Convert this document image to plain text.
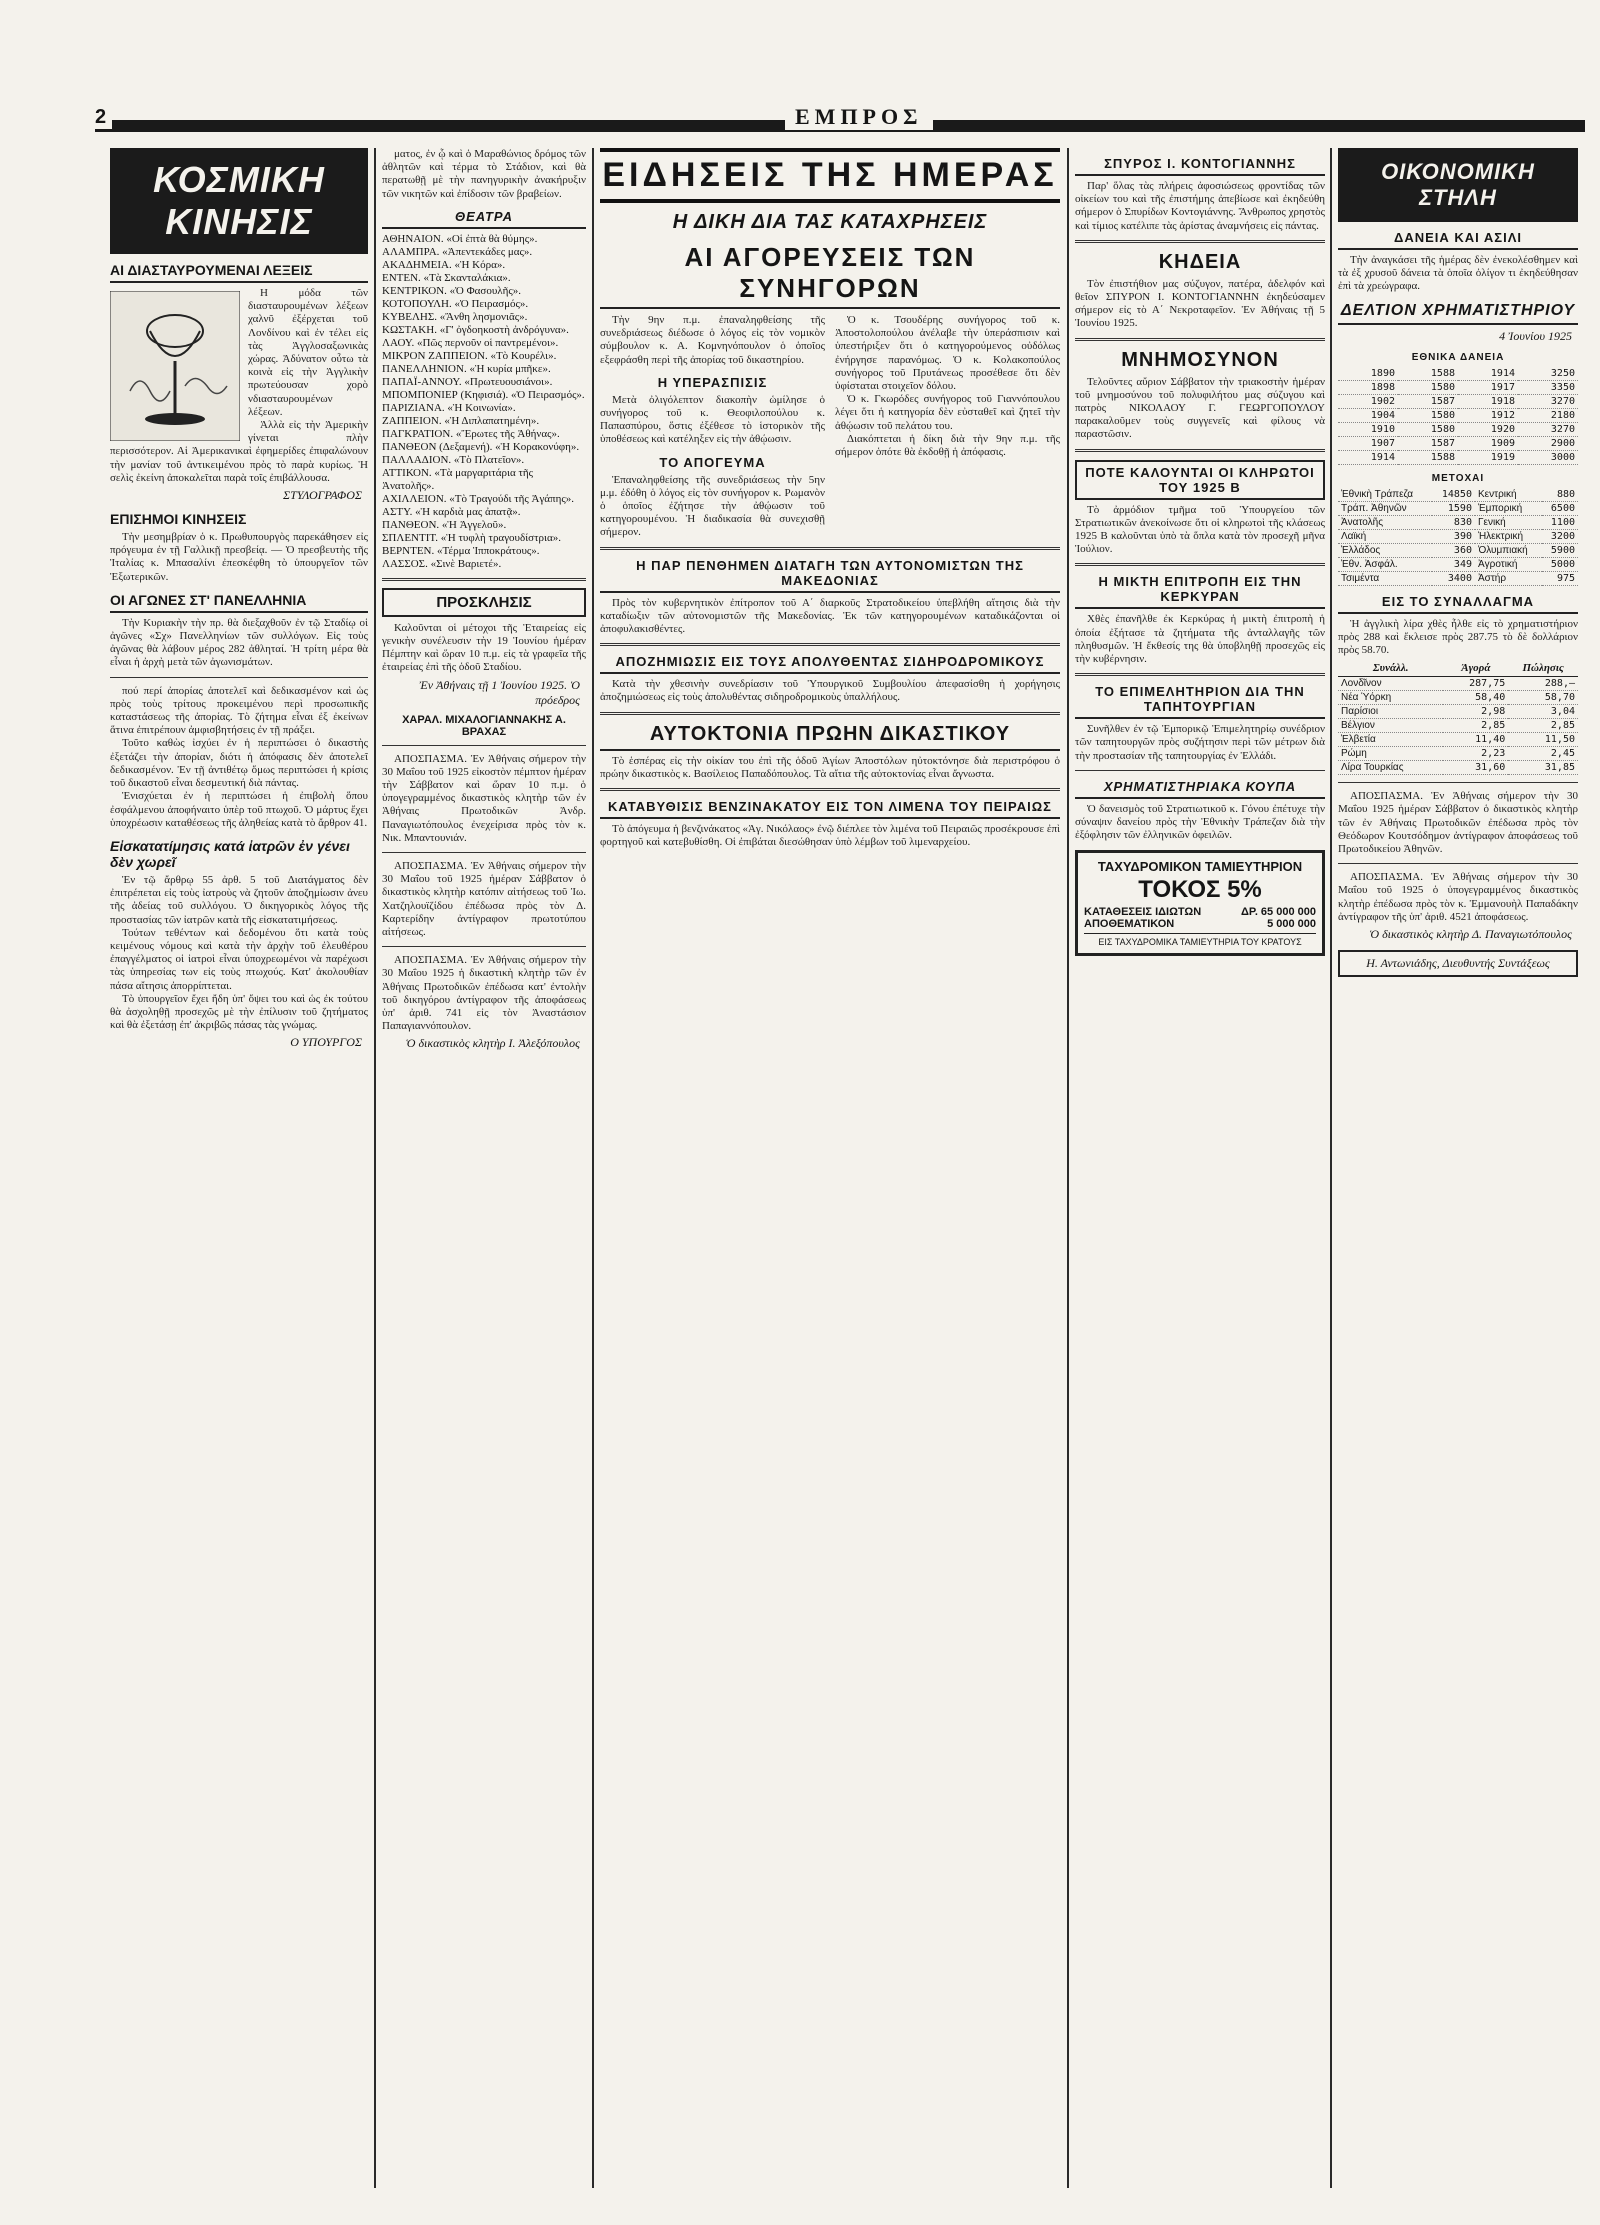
2	ΕΜΠΡΟΣ
ΚΟΣΜΙΚΗ ΚΙΝΗΣΙΣ
ΑΙ ΔΙΑΣΤΑΥΡΟΥΜΕΝΑΙ ΛΕΞΕΙΣ

Η μόδα τῶν διασταυρουμένων λέξεων χαλνῦ ἐξέρχεται τοῦ Λονδίνου καὶ ἐν τέλει εἰς τὰς Ἀγγλοσαξωνικὰς χώρας. Ἀδύνατον οὖτω τὰ κοινὰ εἰς τὴν Ἀγγλικὴν πρωτεύουσαν χορὸ νδιασταυρουμένων λέξεων.

Ἀλλὰ εἰς τὴν Ἀμερικὴν γίνεται πλὴν περισσότερον. Αἱ Ἀμερικανικαὶ ἐφημερίδες ἐπιφαλώνουν τὴν μανίαν τοῦ ἀντικειμένου πρὸς τὸ παρὰ κυρίως. Ἡ σελὶς ἐκείνη ἀποκαλεῖται παρὰ τοῖς ἐπιβάλλουσα.

ΣΤΥΛΟΓΡΑΦΟΣ
ΕΠΙΣΗΜΟΙ ΚΙΝΗΣΕΙΣ

Τὴν μεσημβρίαν ὁ κ. Πρωθυπουργὸς παρεκάθησεν εἰς πρόγευμα ἐν τῇ Γαλλικῇ πρεσβείᾳ. — Ὁ πρεσβευτὴς τῆς Ἰταλίας κ. Μπασαλίνι ἐπεσκέφθη τὸ ὑπουργεῖον τῶν Ἐξωτερικῶν.

ΟΙ ΑΓΩΝΕΣ ΣΤ' ΠΑΝΕΛΛΗΝΙΑ

Τὴν Κυριακὴν τὴν πρ. θὰ διεξαχθοῦν ἐν τῷ Σταδίῳ οἱ ἀγῶνες «Σχ» Πανελληνίων τῶν συλλόγων. Εἰς τοὺς ἀγῶνας θὰ λάβουν μέρος 282 ἀθληταί. Ἡ τρίτη μέρα θὰ εἶναι ἡ ἀρχὴ μετὰ τῶν ἀγωνισμάτων.

πού περί ἀπορίας ἀποτελεῖ καὶ δεδικασμένον καὶ ὡς πρὸς τοὺς τρίτους προκειμένου περὶ προσωπικῆς καταστάσεως τῆς ἀπορίας. Τὸ ζήτημα εἶναι ἐξ ἐκείνων ἅτινα ἐπιτρέπουν ἀμφισβητήσεις ἐν τῇ πράξει.

Τοῦτο καθὼς ἰσχύει ἐν ἡ περιπτώσει ὁ δικαστὴς ἐξετάζει τὴν ἀπορίαν, διότι ἡ ἀπόφασις δὲν ἀποτελεῖ δεδικασμένον. Ἐν τῇ ἀντιθέτῳ ὅμως περιπτώσει ἡ κρίσις τοῦ δικαστοῦ εἶναι δεσμευτική διὰ πάντας.

Ἐνισχύεται ἐν ἡ περιπτώσει ἡ ἐπιβολὴ ὅπου ἐσφάλμενου ἀποφήναιτο ὑπὲρ τοῦ πτωχοῦ. Ὁ μάρτυς ἔχει ὑποχρέωσιν καταθέσεως τῆς ἀληθείας κατὰ τὸ ἄρθρον 41.

Εἰσκατατίμησις κατά ἰατρῶν ἐν γένει δὲν χωρεῖ

Ἐν τῷ ἄρθρῳ 55 ἀρθ. 5 τοῦ Διατάγματος δὲν ἐπιτρέπεται εἰς τοὺς ἰατροὺς νὰ ζητοῦν ἀποζημίωσιν ἀνευ τῆς ἀδείας τοῦ συλλόγου. Ὁ δικηγορικὸς λόγος τῆς προστασίας τῶν ἰατρῶν κατὰ τῆς εἰσκατατιμήσεως.

Τούτων τεθέντων καὶ δεδομένου ὅτι κατὰ τοὺς κειμένους νόμους καὶ κατὰ τὴν ἀρχὴν τοῦ ἐλευθέρου ἐπαγγέλματος οἱ ἰατροὶ εἶναι ὑποχρεωμένοι νὰ παρέχωσι τὰς ὑπηρεσίας των εἰς τοὺς πτωχούς. Κατ' ἀκολουθίαν πάσα αἴτησις ἀπορρίπτεται.

Τὸ ὑπουργεῖον ἔχει ἤδη ὑπ' ὄψει του καὶ ὡς ἐκ τούτου θὰ ἀσχοληθῇ προσεχῶς μὲ τὴν ἐπίλυσιν τοῦ ζητήματος καὶ θὰ ἐξετάσῃ ἐπ' ἀκριβῶς πάσας τὰς γνώμας.

Ο ΥΠΟΥΡΓΟΣ

ματος, ἐν ᾧ καὶ ὁ Μαραθώνιος δρόμος τῶν ἀθλητῶν καὶ τέρμα τὸ Στάδιον, καὶ θὰ περατωθῇ μὲ τὴν πανηγυρικὴν ἀνακήρυξιν τῶν νικητῶν καὶ ἐπίδοσιν τῶν βραβείων.

ΘΕΑΤΡΑ

ΑΘΗΝΑΙΟΝ. «Οἱ ἐπτὰ θὰ θύμης».

ΑΛΑΜΠΡΑ. «Ἀπεντεκάδες μας».

ΑΚΑΔΗΜΕΙΑ. «Ἡ Κόρα».

ΕΝΤΕΝ. «Τὰ Σκανταλάκια».

ΚΕΝΤΡΙΚΟΝ. «Ὁ Φασουλῆς».

ΚΟΤΟΠΟΥΛΗ. «Ὁ Πειρασμός».

ΚΥΒΕΛΗΣ. «Ἄνθη λησμονιᾶς».

ΚΩΣΤΑΚΗ. «Γ' ὀγδοηκοστὴ ἀνδρόγυνα».

ΛΑΟΥ. «Πῶς περνοῦν οἱ παντρεμένοι».

ΜΙΚΡΟΝ ΖΑΠΠΕΙΟΝ. «Τὸ Κουρέλι».

ΠΑΝΕΛΛΗΝΙΟΝ. «Ἡ κυρία μπῆκε».

ΠΑΠΑΪ-ΑΝΝΟΥ. «Πρωτευουσιάνοι».

ΜΠΟΜΠΟΝΙΕΡ (Κηφισιά). «Ὁ Πειρασμός».

ΠΑΡΙΖΙΑΝΑ. «Ἡ Κοινωνία».

ΖΑΠΠΕΙΟΝ. «Ἡ Διπλαπατημένη».

ΠΑΓΚΡΑΤΙΟΝ. «Ἔρωτες τῆς Ἀθήνας».

ΠΑΝΘΕΟΝ (Δεξαμενή). «Ἡ Κορακονύφη».

ΠΑΛΛΑΔΙΟΝ. «Τὸ Πλατεῖον».

ΑΤΤΙΚΟΝ. «Τὰ μαργαριτάρια τῆς Ἀνατολῆς».

ΑΧΙΛΛΕΙΟΝ. «Τὸ Τραγούδι τῆς Ἀγάπης».

ΑΣΤΥ. «Ἡ καρδιὰ μας ἀπατᾷ».

ΠΑΝΘΕΟΝ. «Ἡ Ἀγγελοῦ».

ΣΠΛΕΝΤΙΤ. «Ἡ τυφλὴ τραγουδίστρια».

ΒΕΡΝΤΕΝ. «Τέρμα Ἱπποκράτους».

ΛΑΣΣΟΣ. «Σινὲ Βαριετέ».

ΠΡΟΣΚΛΗΣΙΣ

Καλοῦνται οἱ μέτοχοι τῆς Ἑταιρείας εἰς γενικὴν συνέλευσιν τὴν 19 Ἰουνίου ἡμέραν Πέμπτην καὶ ὥραν 10 π.μ. εἰς τὰ γραφεῖα τῆς ἐταιρείας ἐπὶ τῆς ὁδοῦ Σταδίου.

Ἐν Ἀθήναις τῇ 1 Ἰουνίου 1925. Ὁ πρόεδρος
ΧΑΡΑΛ. ΜΙΧΑΛΟΓΙΑΝΝΑΚΗΣ Α. ΒΡΑΧΑΣ

ΑΠΟΣΠΑΣΜΑ. Ἐν Ἀθήναις σήμερον τὴν 30 Μαΐου τοῦ 1925 εἰκοστὸν πέμπτον ἡμέραν τὴν Σάββατον καὶ ὥραν 10 π.μ. ὁ ὑπογεγραμμένος δικαστικὸς κλητὴρ τῶν ἐν Ἀθήναις Πρωτοδικῶν Ἀνδρ. Παναγιωτόπουλος ἐνεχείρισα πρὸς τὸν κ. Νικ. Μπαντουνιάν.

ΑΠΟΣΠΑΣΜΑ. Ἐν Ἀθήναις σήμερον τὴν 30 Μαΐου τοῦ 1925 ἡμέραν Σάββατον ὁ δικαστικὸς κλητὴρ κατόπιν αἰτήσεως τοῦ Ἰω. Χατζηλουϊζίδου ἐπέδωσα πρὸς τὸν Δ. Καρτερίδην ἀντίγραφον πρωτοτύπου αἰτήσεως.

ΑΠΟΣΠΑΣΜΑ. Ἐν Ἀθήναις σήμερον τὴν 30 Μαΐου 1925 ἡ δικαστικὴ κλητὴρ τῶν ἐν Ἀθήναις Πρωτοδικῶν ἐπέδωσα κατ' ἐντολὴν τοῦ δικηγόρου ἀντίγραφον τῆς ἀποφάσεως ὑπ' ἀριθ. 741 εἰς τὸν Ἀναστάσιον Παπαγιαννόπουλον.

Ὁ δικαστικὸς κλητὴρ Ι. Ἀλεξόπουλος
ΕΙΔΗΣΕΙΣ ΤΗΣ ΗΜΕΡΑΣ
Η ΔΙΚΗ ΔΙΑ ΤΑΣ ΚΑΤΑΧΡΗΣΕΙΣ
ΑΙ ΑΓΟΡΕΥΣΕΙΣ ΤΩΝ ΣΥΝΗΓΟΡΩΝ

Τὴν 9ην π.μ. ἐπαναληφθείσης τῆς συνεδριάσεως διέδωσε ὁ λόγος εἰς τὸν νομικὸν σύμβουλον κ. Α. Κομνηνόπουλον ὁ ὁποῖος εξεφράσθη περὶ τῆς ἀπορίας τοῦ δικαστηρίου.

Η ΥΠΕΡΑΣΠΙΣΙΣ

Μετὰ ὀλιγόλεπτον διακοπὴν ὡμίλησε ὁ συνήγορος τοῦ κ. Θεοφιλοπούλου κ. Παπασπύρου, ὅστις ἐξέθεσε τὸ ἱστορικὸν τῆς ὑποθέσεως καὶ κατέληξεν εἰς τὴν ἀθῴωσιν.

ΤΟ ΑΠΟΓΕΥΜΑ

Ἐπαναληφθείσης τῆς συνεδριάσεως τὴν 5ην μ.μ. ἐδόθη ὁ λόγος εἰς τὸν συνήγορον κ. Ρωμανὸν ὁ ὁποῖος ἐζήτησε τὴν ἀθῴωσιν τοῦ κατηγορουμένου. Ἡ διαδικασία θὰ συνεχισθῇ σήμερον.

Ὁ κ. Τσουδέρης συνήγορος τοῦ κ. Ἀποστολοπούλου ἀνέλαβε τὴν ὑπεράσπισιν καὶ ὑπεστήριξεν ὅτι ὁ κατηγορούμενος οὐδόλως ἐνήργησε παρανόμως. Ὁ κ. Κολακοπούλος συνήγορος τοῦ Πρυτάνεως προσέθεσε ὅτι δὲν ὑφίσταται στοιχεῖον δόλου.

Ὁ κ. Γκωρόδες συνήγορος τοῦ Γιαννόπουλου λέγει ὅτι ἡ κατηγορία δὲν εὐσταθεῖ καὶ ζητεῖ τὴν ἀθῴωσιν τοῦ πελάτου του.

Διακόπτεται ἡ δίκη διὰ τὴν 9ην π.μ. τῆς σήμερον ὁπότε θὰ ἐκδοθῇ ἡ ἀπόφασις.

Η ΠΑΡ ΠΕΝΘΗΜΕΝ ΔΙΑΤΑΓΗ ΤΩΝ ΑΥΤΟΝΟΜΙΣΤΩΝ ΤΗΣ ΜΑΚΕΔΟΝΙΑΣ

Πρὸς τὸν κυβερνητικὸν ἐπίτροπον τοῦ Α΄ διαρκοῦς Στρατοδικείου ὑπεβλήθη αἴτησις διὰ τὴν καταδίωξιν τῶν αὐτονομιστῶν τῆς Μακεδονίας. Ἐκ τῶν κατηγορουμένων καταδικάζονται οἱ ἀποφυλακισθέντες.

ΑΠΟΖΗΜΙΩΣΙΣ ΕΙΣ ΤΟΥΣ ΑΠΟΛΥΘΕΝΤΑΣ ΣΙΔΗΡΟΔΡΟΜΙΚΟΥΣ

Κατὰ τὴν χθεσινὴν συνεδρίασιν τοῦ Ὑπουργικοῦ Συμβουλίου ἀπεφασίσθη ἡ χορήγησις ἀποζημιώσεως εἰς τοὺς ἀπολυθέντας σιδηροδρομικοὺς ὑπαλλήλους.

ΑΥΤΟΚΤΟΝΙΑ ΠΡΩΗΝ ΔΙΚΑΣΤΙΚΟΥ

Τὸ ἑσπέρας εἰς τὴν οἰκίαν του ἐπὶ τῆς ὁδοῦ Ἀγίων Ἀποστόλων ηὐτοκτόνησε διὰ περιστρόφου ὁ πρώην δικαστικὸς κ. Βασίλειος Παπαδόπουλος. Τὰ αἴτια τῆς αὐτοκτονίας εἶναι ἄγνωστα.

ΚΑΤΑΒΥΘΙΣΙΣ ΒΕΝΖΙΝΑΚΑΤΟΥ ΕΙΣ ΤΟΝ ΛΙΜΕΝΑ ΤΟΥ ΠΕΙΡΑΙΩΣ

Τὸ ἀπόγευμα ἡ βενζινάκατος «Ἀγ. Νικόλαος» ἐνῷ διέπλεε τὸν λιμένα τοῦ Πειραιῶς προσέκρουσε ἐπὶ φορτηγοῦ καὶ κατεβυθίσθη. Οἱ ἐπιβάται διεσώθησαν ὑπὸ λέμβων τοῦ λιμεναρχείου.

ΣΠΥΡΟΣ Ι. ΚΟΝΤΟΓΙΑΝΝΗΣ

Παρ' ὅλας τὰς πλήρεις ἀφοσιώσεως φροντίδας τῶν οἰκείων του καὶ τῆς ἐπιστήμης ἀπεβίωσε καὶ ἐκηδεύθη σήμερον ὁ Σπυρίδων Κοντογιάννης. Ἄνθρωπος χρηστὸς καὶ τίμιος κατέλιπε τὰς ἀρίστας ἀναμνήσεις εἰς πάντας.

ΚΗΔΕΙΑ

Τὸν ἐπιστήθιον μας σύζυγον, πατέρα, ἀδελφόν καὶ θεῖον ΣΠΥΡΟΝ Ι. ΚΟΝΤΟΓΙΑΝΝΗΝ ἐκηδεύσαμεν σήμερον εἰς τὸ Α΄ Νεκροταφεῖον. Ἐν Ἀθήναις τῇ 5 Ἰουνίου 1925.

ΜΝΗΜΟΣΥΝΟΝ

Τελοῦντες αὔριον Σάββατον τὴν τριακοστὴν ἡμέραν τοῦ μνημοσύνου τοῦ πολυφιλήτου μας σύζυγου καὶ πατρὸς ΝΙΚΟΛΑΟΥ Γ. ΓΕΩΡΓΟΠΟΥΛΟΥ παρακαλοῦμεν τοὺς συγγενεῖς καὶ φίλους νὰ παραστῶσιν.

ΠΟΤΕ ΚΑΛΟΥΝΤΑΙ ΟΙ ΚΛΗΡΩΤΟΙ ΤΟΥ 1925 Β

Τὸ ἀρμόδιον τμῆμα τοῦ Ὑπουργείου τῶν Στρατιωτικῶν ἀνεκοίνωσε ὅτι οἱ κληρωτοὶ τῆς κλάσεως 1925 Β καλοῦνται ὑπὸ τὰ ὅπλα κατὰ τὸν προσεχῆ μῆνα Ἰούλιον.

Η ΜΙΚΤΗ ΕΠΙΤΡΟΠΗ ΕΙΣ ΤΗΝ ΚΕΡΚΥΡΑΝ

Χθὲς ἐπανῆλθε ἐκ Κερκύρας ἡ μικτὴ ἐπιτροπὴ ἡ ὁποία ἐξήτασε τὰ ζητήματα τῆς ἀνταλλαγῆς τῶν πληθυσμῶν. Ἡ ἔκθεσίς της θὰ ὑποβληθῇ προσεχῶς εἰς τὴν κυβέρνησιν.

ΤΟ ΕΠΙΜΕΛΗΤΗΡΙΟΝ ΔΙΑ ΤΗΝ ΤΑΠΗΤΟΥΡΓΙΑΝ

Συνῆλθεν ἐν τῷ Ἐμπορικῷ Ἐπιμελητηρίῳ συνέδριον τῶν ταπητουργῶν πρὸς συζήτησιν περὶ τῶν μέτρων διὰ τὴν προστασίαν τῆς ταπητουργίας ἐν Ἑλλάδι.

ΧΡΗΜΑΤΙΣΤΗΡΙΑΚΑ ΚΟΥΠΑ

Ὁ δανεισμὸς τοῦ Στρατιωτικοῦ κ. Γόνου ἐπέτυχε τὴν σύναψιν δανείου πρὸς τὴν Ἐθνικὴν Τράπεζαν διὰ τὴν ἐξόφλησιν τῶν ἐλληνικῶν ὀφειλῶν.

ΤΑΧΥΔΡΟΜΙΚΟΝ ΤΑΜΙΕΥΤΗΡΙΟΝ
ΤΟΚΟΣ 5%
ΚΑΤΑΘΕΣΕΙΣ ΙΔΙΩΤΩΝ	ΔΡ. 65 000 000
ΑΠΟΘΕΜΑΤΙΚΟΝ	5 000 000
ΕΙΣ ΤΑΧΥΔΡΟΜΙΚΑ ΤΑΜΙΕΥΤΗΡΙΑ ΤΟΥ ΚΡΑΤΟΥΣ
ΟΙΚΟΝΟΜΙΚΗ ΣΤΗΛΗ
ΔΑΝΕΙΑ ΚΑΙ ΑΣΙΛΙ

Τὴν ἀναγκάσει τῆς ἡμέρας δὲν ἐνεκολέσθημεν καὶ τὰ ἐξ χρυσοῦ δάνεια τὰ ὁποῖα ὀλίγον τι ἐκηδεύθησαν ἐπὶ τὰ χρεώγραφα.

ΔΕΛΤΙΟΝ ΧΡΗΜΑΤΙΣΤΗΡΙΟΥ
4 Ἰουνίου 1925
ΕΘΝΙΚΑ ΔΑΝΕΙΑ
1890	1588	1914	3250
1898	1580	1917	3350
1902	1587	1918	3270
1904	1580	1912	2180
1910	1580	1920	3270
1907	1587	1909	2900
1914	1588	1919	3000
ΜΕΤΟΧΑΙ
Ἐθνικὴ Τράπεζα	14850	Κεντρική	880
Τράπ. Ἀθηνῶν	1590	Ἐμπορική	6500
Ἀνατολῆς	830	Γενική	1100
Λαϊκή	390	Ἠλεκτρική	3200
Ἐλλάδος	360	Ὀλυμπιακή	5900
Ἐθν. Ἀσφάλ.	349	Ἀγροτική	5000
Τσιμέντα	3400	Ἀστήρ	975
ΕΙΣ ΤΟ ΣΥΝΑΛΛΑΓΜΑ

Ἡ ἀγγλικὴ λίρα χθὲς ἦλθε εἰς τὸ χρηματιστήριον πρὸς 288 καὶ ἔκλεισε πρὸς 287.75 τὸ δὲ δολλάριον πρὸς 58.70.

Συνάλλ.	Ἀγορά	Πώλησις
Λονδῖνον	287,75	288,—
Νέα Ὑόρκη	58,40	58,70
Παρίσιοι	2,98	3,04
Βέλγιον	2,85	2,85
Ἑλβετία	11,40	11,50
Ρώμη	2,23	2,45
Λίρα Τουρκίας	31,60	31,85

ΑΠΟΣΠΑΣΜΑ. Ἐν Ἀθήναις σήμερον τὴν 30 Μαΐου 1925 ἡμέραν Σάββατον ὁ δικαστικὸς κλητὴρ τῶν ἐν Ἀθήναις Πρωτοδικῶν ἐπέδωσα πρὸς τὸν Θεόδωρον Κουτσόδημον ἀντίγραφον ἀποφάσεως τοῦ Πρωτοδικείου Ἀθηνῶν.

ΑΠΟΣΠΑΣΜΑ. Ἐν Ἀθήναις σήμερον τὴν 30 Μαΐου τοῦ 1925 ὁ ὑπογεγραμμένος δικαστικὸς κλητὴρ ἐπέδωσα πρὸς τὸν κ. Ἐμμανουὴλ Παπαδάκην ἀντίγραφον τῆς ὑπ' ἀριθ. 4521 ἀποφάσεως.

Ὁ δικαστικὸς κλητὴρ Δ. Παναγιωτόπουλος
Η. Αντωνιάδης, Διευθυντής Συντάξεως
